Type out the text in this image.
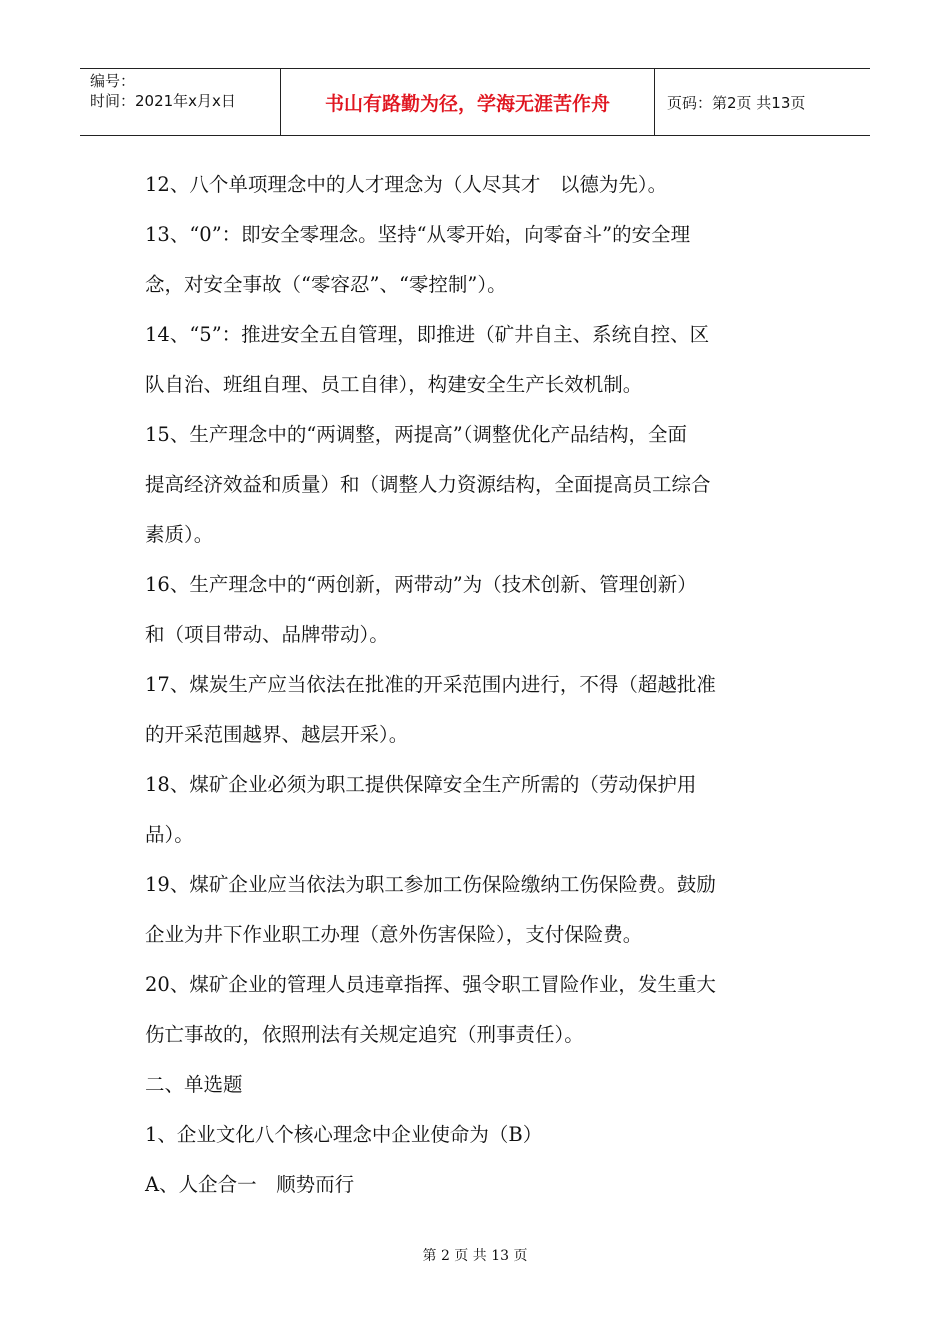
编号：
时间：2021年x月x日	书山有路勤为径，学海无涯苦作舟	页码：第2页 共13页

12、八个单项理念中的人才理念为（人尽其才　以德为先）。

13、“0”：即安全零理念。坚持“从零开始，向零奋斗”的安全理

念，对安全事故（“零容忍”、“零控制”）。

14、“5”：推进安全五自管理，即推进（矿井自主、系统自控、区

队自治、班组自理、员工自律），构建安全生产长效机制。

15、生产理念中的“两调整，两提高”（调整优化产品结构，全面

提高经济效益和质量）和（调整人力资源结构，全面提高员工综合

素质）。

16、生产理念中的“两创新，两带动”为（技术创新、管理创新）

和（项目带动、品牌带动）。

17、煤炭生产应当依法在批准的开采范围内进行，不得（超越批准

的开采范围越界、越层开采）。

18、煤矿企业必须为职工提供保障安全生产所需的（劳动保护用

品）。

19、煤矿企业应当依法为职工参加工伤保险缴纳工伤保险费。鼓励

企业为井下作业职工办理（意外伤害保险），支付保险费。

20、煤矿企业的管理人员违章指挥、强令职工冒险作业，发生重大

伤亡事故的，依照刑法有关规定追究（刑事责任）。

二、单选题

1、企业文化八个核心理念中企业使命为（B）

A、人企合一　顺势而行

第 2 页 共 13 页
